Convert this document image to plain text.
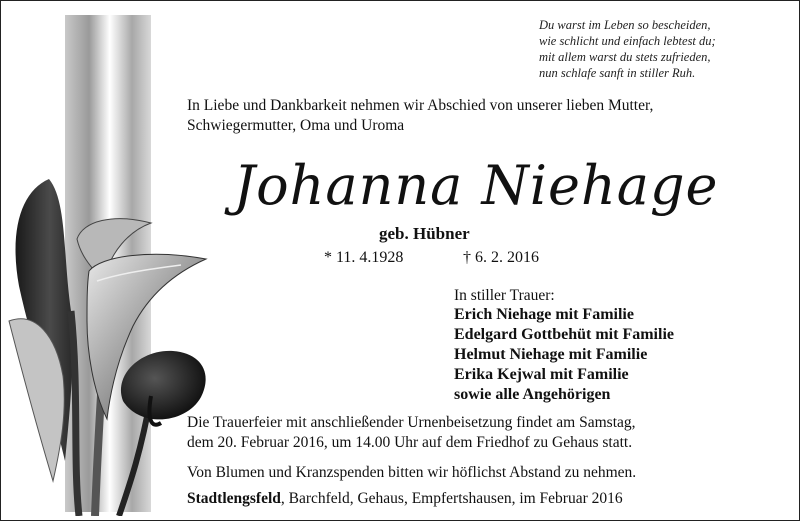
Du warst im Leben so bescheiden,
wie schlicht und einfach lebtest du;
mit allem warst du stets zufrieden,
nun schlafe sanft in stiller Ruh.
In Liebe und Dankbarkeit nehmen wir Abschied von unserer lieben Mutter,
Schwiegermutter, Oma und Uroma
Johanna Niehage
geb. Hübner
* 11. 4.1928	† 6. 2. 2016
In stiller Trauer:
Erich Niehage mit Familie
Edelgard Gottbehüt mit Familie
Helmut Niehage mit Familie
Erika Kejwal mit Familie
sowie alle Angehörigen
Die Trauerfeier mit anschließender Urnenbeisetzung findet am Samstag,
dem 20. Februar 2016, um 14.00 Uhr auf dem Friedhof zu Gehaus statt.
Von Blumen und Kranzspenden bitten wir höflichst Abstand zu nehmen.
Stadtlengsfeld, Barchfeld, Gehaus, Empfertshausen, im Februar 2016
